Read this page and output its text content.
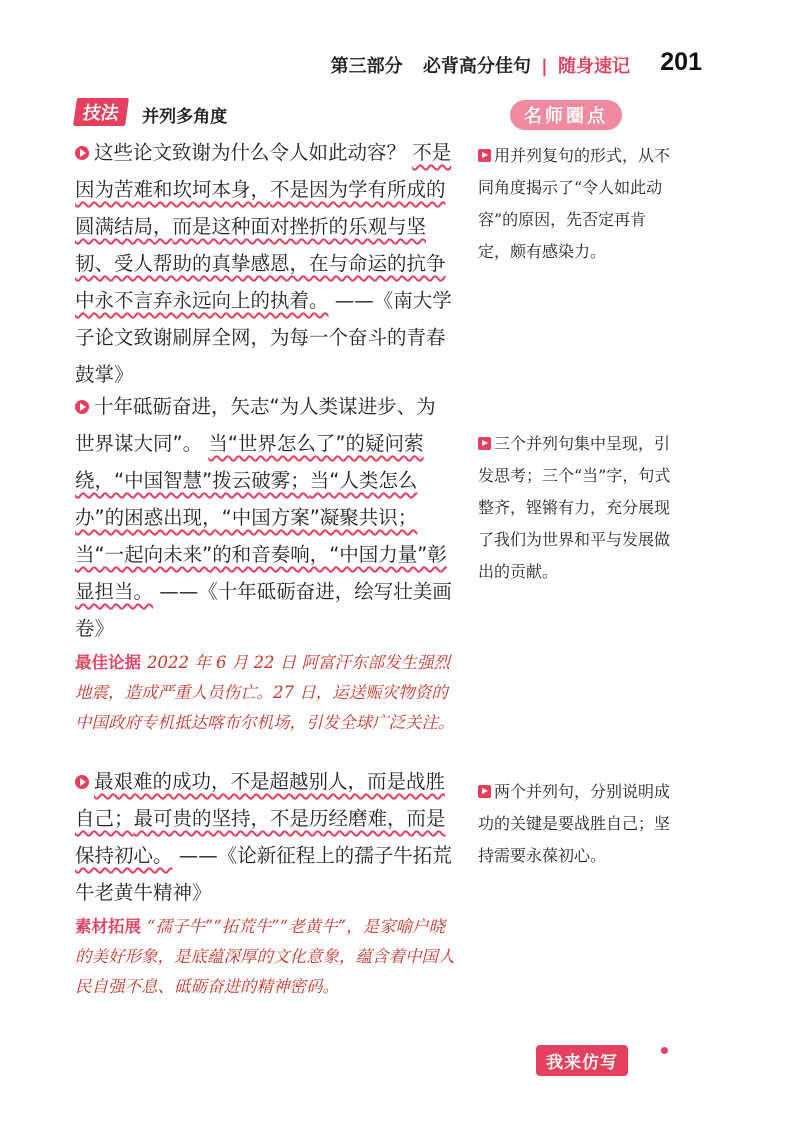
第三部分 必背高分佳句 | 随身速记 201
技法 并列多角度	名师圈点
这些论文致谢为什么令人如此动容？ 不是因为苦难和坎坷本身，不是因为学有所成的圆满结局，而是这种面对挫折的乐观与坚韧、受人帮助的真挚感恩，在与命运的抗争中永不言弃永远向上的执着。 ——《南大学子论文致谢刷屏全网，为每一个奋斗的青春鼓掌》
十年砥砺奋进，矢志“为人类谋进步、为世界谋大同”。 当“世界怎么了”的疑问萦绕，“中国智慧”拨云破雾；当“人类怎么办”的困惑出现，“中国方案”凝聚共识；当“一起向未来”的和音奏响，“中国力量”彰显担当。 ——《十年砥砺奋进，绘写壮美画卷》
最佳论据 2022 年 6 月 22 日 阿富汗东部发生强烈地震，造成严重人员伤亡。27 日，运送赈灾物资的中国政府专机抵达喀布尔机场，引发全球广泛关注。
最艰难的成功，不是超越别人，而是战胜自己；最可贵的坚持，不是历经磨难，而是保持初心。 ——《论新征程上的孺子牛拓荒牛老黄牛精神》
素材拓展 “孺子牛”“拓荒牛”“老黄牛”，是家喻户晓的美好形象，是底蕴深厚的文化意象，蕴含着中国人民自强不息、砥砺奋进的精神密码。
用并列复句的形式，从不同角度揭示了“令人如此动容”的原因，先否定再肯定，颇有感染力。
三个并列句集中呈现，引发思考；三个“当”字，句式整齐，铿锵有力，充分展现了我们为世界和平与发展做出的贡献。
两个并列句，分别说明成功的关键是要战胜自己；坚持需要永葆初心。
我来仿写
